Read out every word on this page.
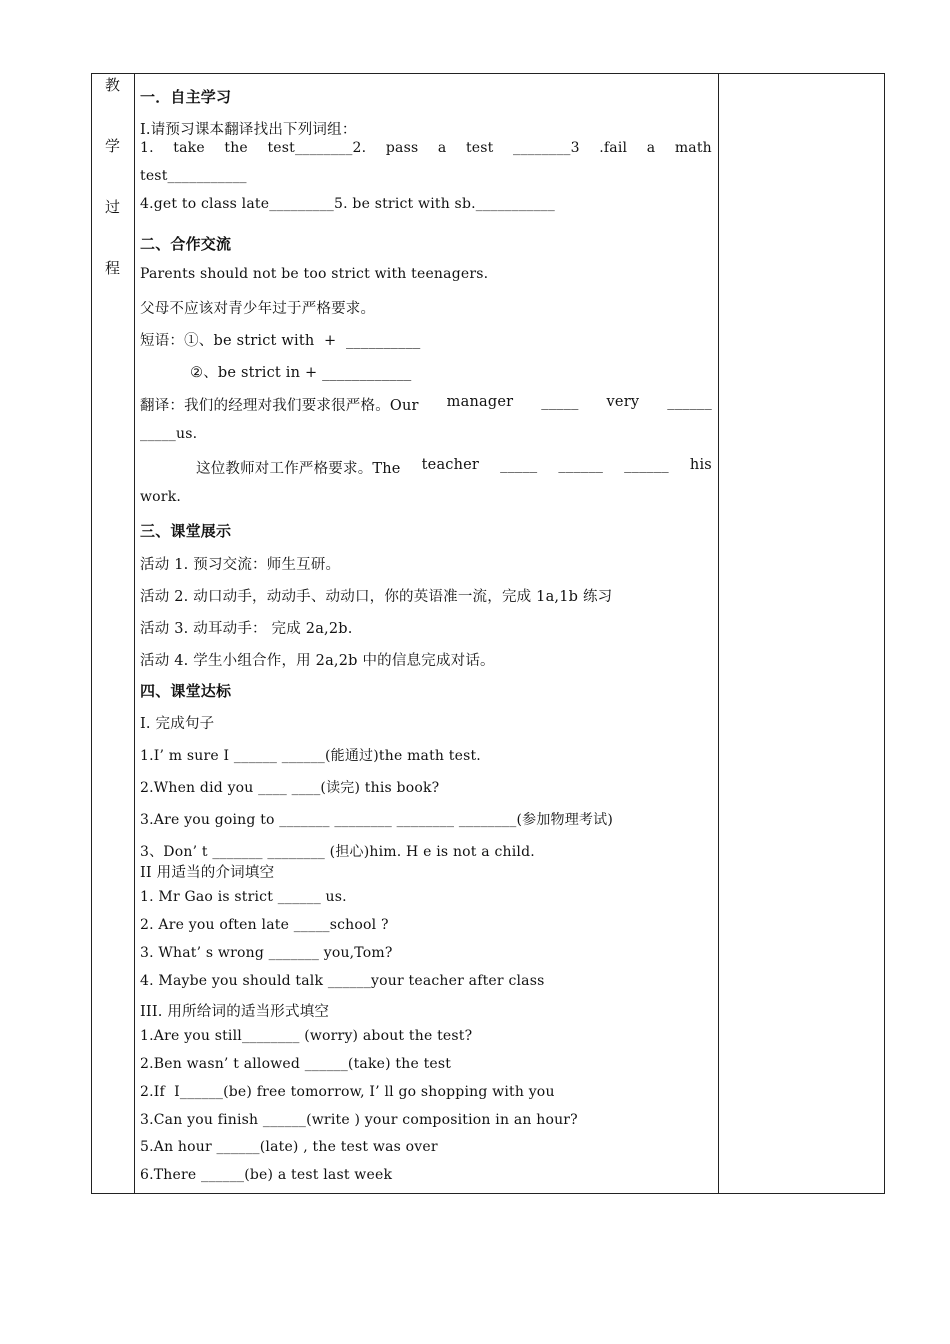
教
学
过
程
一．自主学习
I.请预习课本翻译找出下列词组：
1. take the test________2. pass a test ________3 .fail a math
test___________
4.get to class late_________5. be strict with sb.___________
二、合作交流
Parents should not be too strict with teenagers.
父母不应该对青少年过于严格要求。
短语：①、be strict with  +  __________
②、be strict in + ____________
翻译：我们的经理对我们要求很严格。Our manager _____ very ______
_____us.
这位教师对工作严格要求。The teacher _____ ______ ______ his
work.
三、课堂展示
活动 1. 预习交流：师生互研。
活动 2. 动口动手，动动手、动动口，你的英语准一流，完成 1a,1b 练习
活动 3. 动耳动手： 完成 2a,2b.
活动 4. 学生小组合作，用 2a,2b 中的信息完成对话。
四、课堂达标
I. 完成句子
1.I’ m sure I ______ ______(能通过)the math test.
2.When did you ____ ____(读完) this book?
3.Are you going to _______ ________ ________ ________(参加物理考试)
3、Don’ t _______ ________ (担心)him. H e is not a child.
II 用适当的介词填空
1. Mr Gao is strict ______ us.
2. Are you often late _____school ?
3. What’ s wrong _______ you,Tom?
4. Maybe you should talk ______your teacher after class
III. 用所给词的适当形式填空
1.Are you still________ (worry) about the test?
2.Ben wasn’ t allowed ______(take) the test
2.If  I______(be) free tomorrow, I’ ll go shopping with you
3.Can you finish ______(write ) your composition in an hour?
5.An hour ______(late) , the test was over
6.There ______(be) a test last week
